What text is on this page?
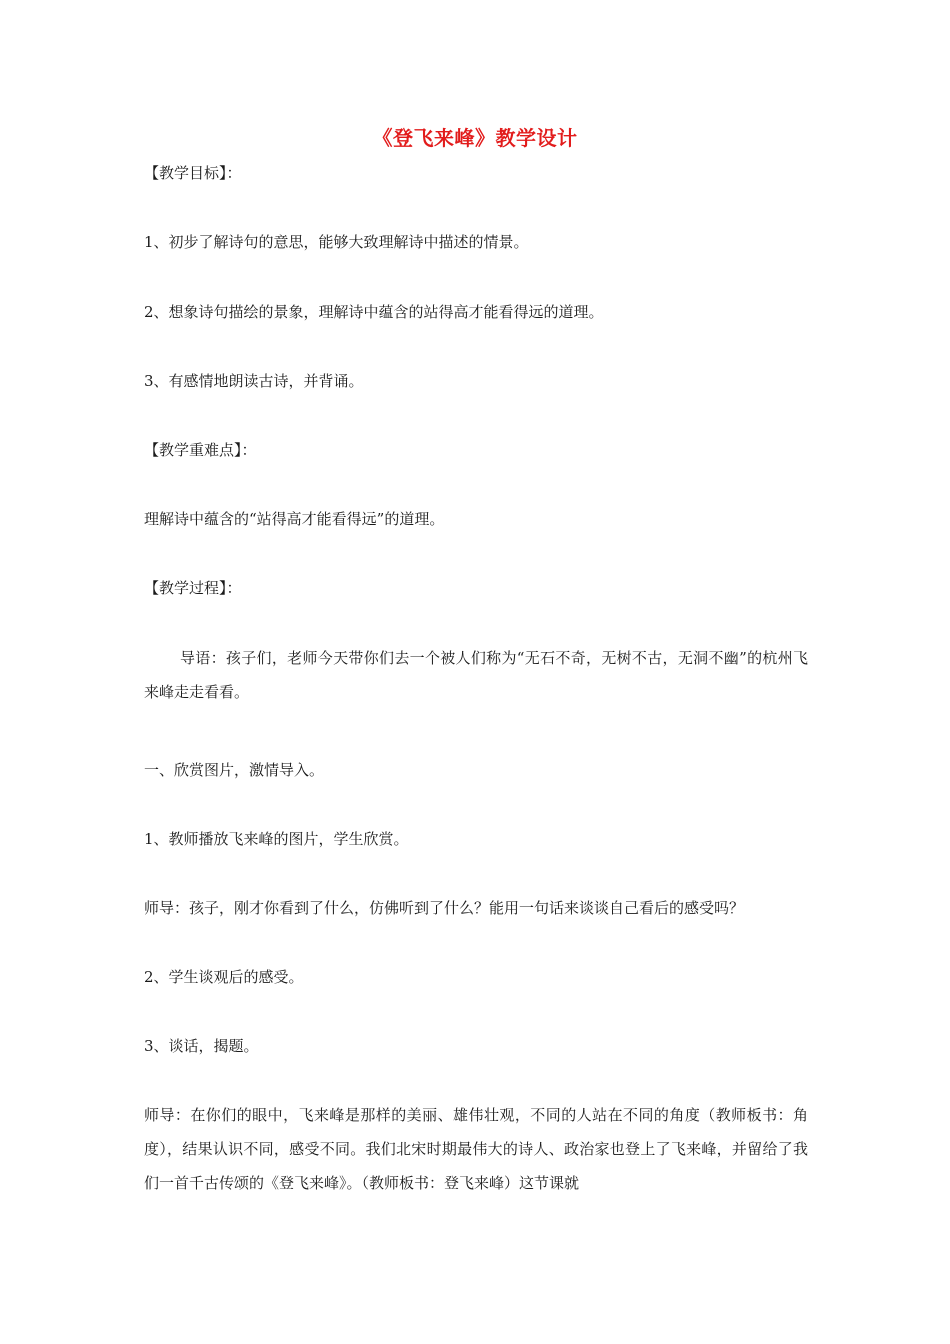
《登飞来峰》教学设计
【教学目标】：
1、初步了解诗句的意思，能够大致理解诗中描述的情景。
2、想象诗句描绘的景象，理解诗中蕴含的站得高才能看得远的道理。
3、有感情地朗读古诗，并背诵。
【教学重难点】：
理解诗中蕴含的“站得高才能看得远”的道理。
【教学过程】：
导语：孩子们，老师今天带你们去一个被人们称为“无石不奇，无树不古，无洞不幽”的杭州飞来峰走走看看。
一、欣赏图片，激情导入。
1、教师播放飞来峰的图片，学生欣赏。
师导：孩子，刚才你看到了什么，仿佛听到了什么？能用一句话来谈谈自己看后的感受吗？
2、学生谈观后的感受。
3、谈话，揭题。
师导：在你们的眼中，飞来峰是那样的美丽、雄伟壮观，不同的人站在不同的角度（教师板书：角度），结果认识不同，感受不同。我们北宋时期最伟大的诗人、政治家也登上了飞来峰，并留给了我们一首千古传颂的《登飞来峰》。（教师板书：登飞来峰）这节课就
